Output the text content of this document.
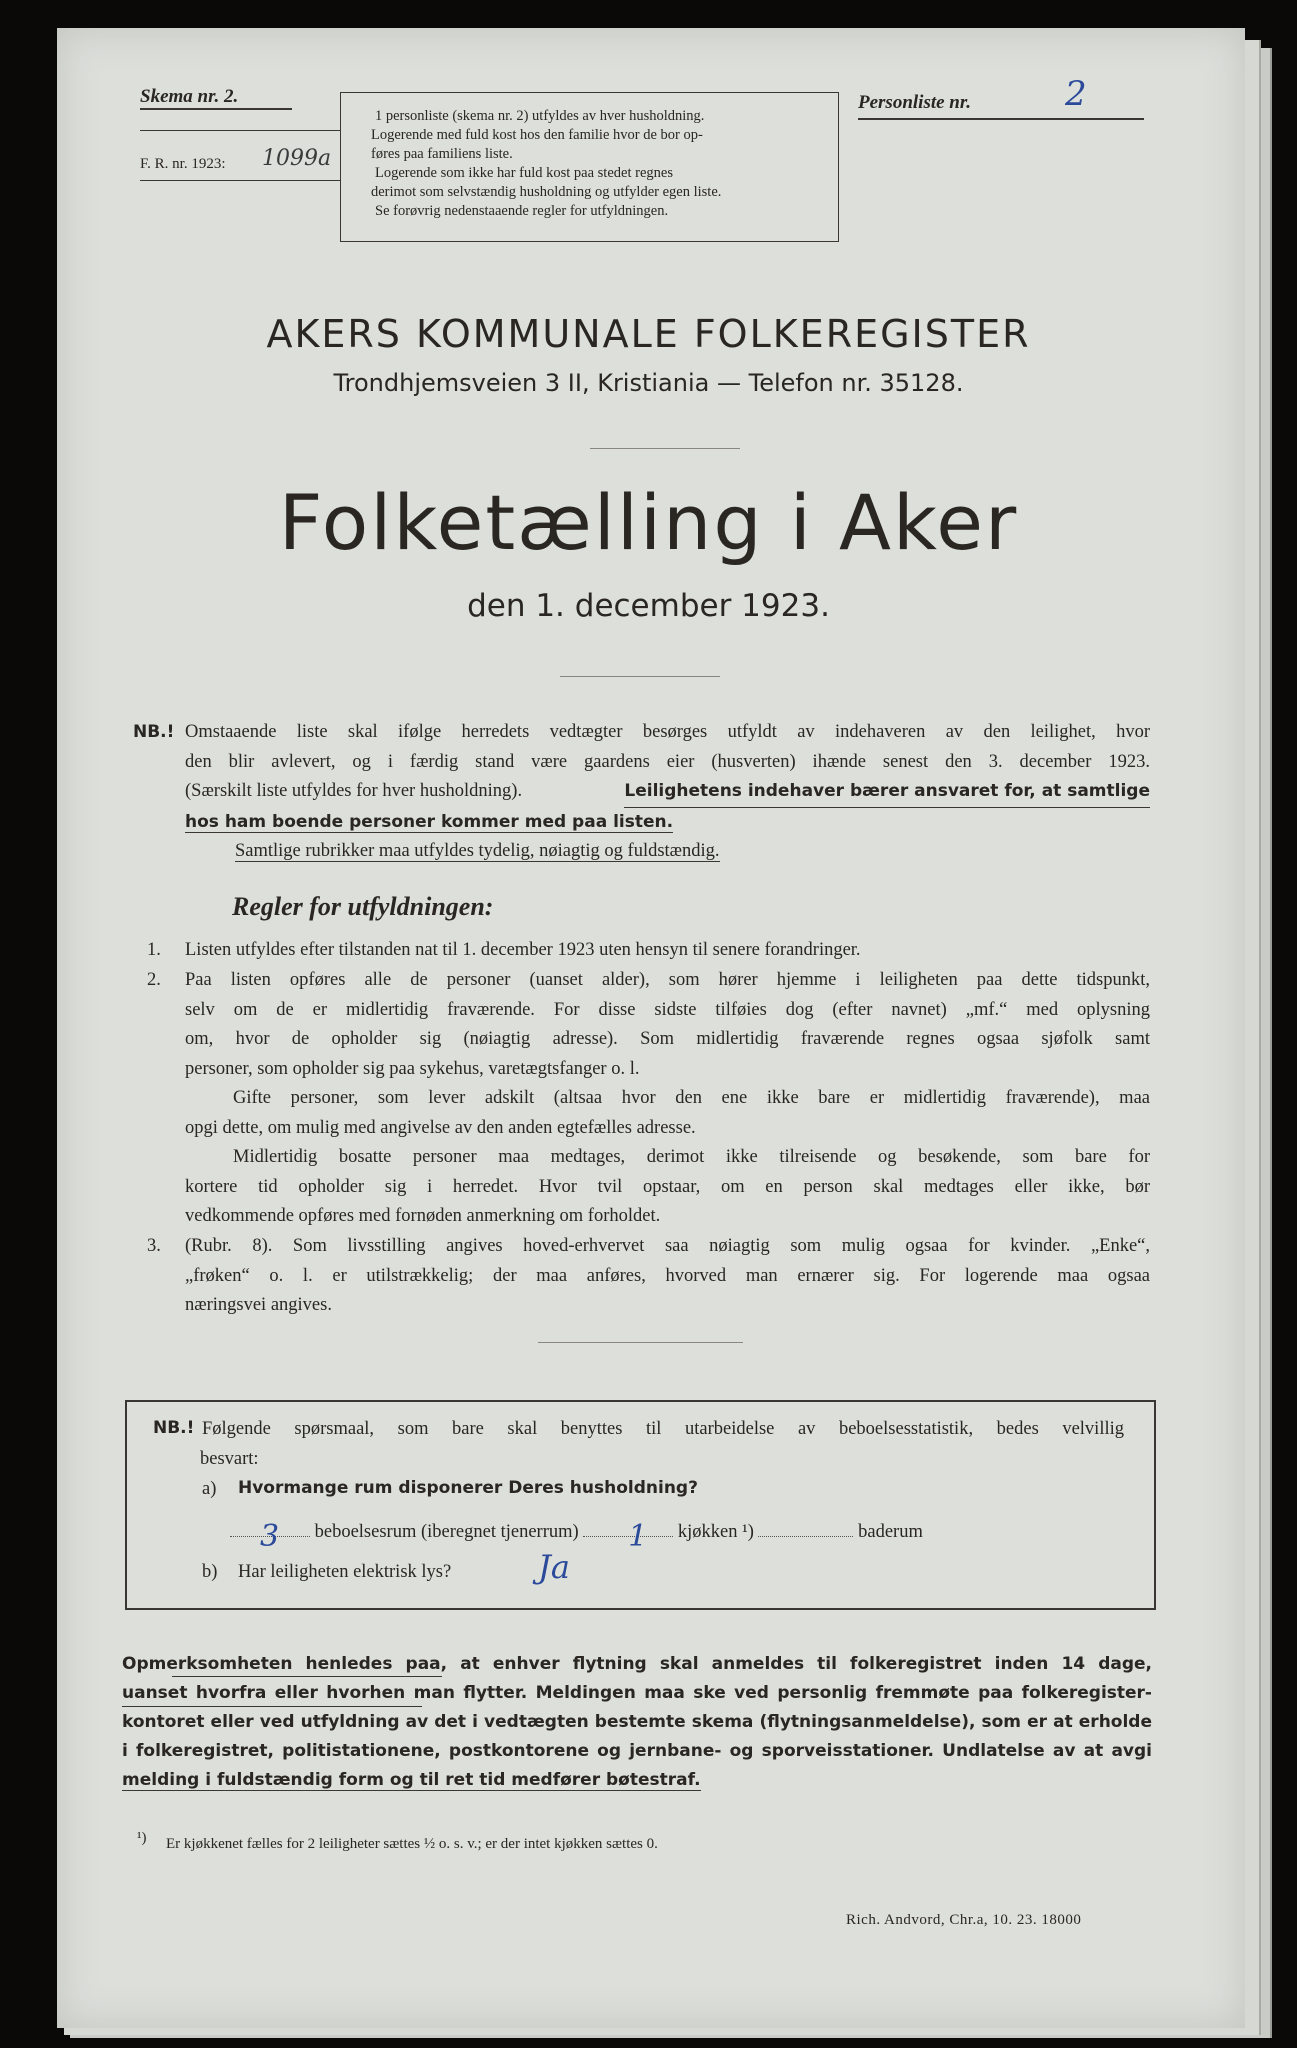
Skema nr. 2.
F. R. nr. 1923: 1099a

1 personliste (skema nr. 2) utfyldes av hver husholdning.

Logerende med fuld kost hos den familie hvor de bor op-

føres paa familiens liste.

Logerende som ikke har fuld kost paa stedet regnes

derimot som selvstændig husholdning og utfylder egen liste.

Se forøvrig nedenstaaende regler for utfyldningen.

Personliste nr.	2
AKERS KOMMUNALE FOLKEREGISTER
Trondhjemsveien 3 II, Kristiania — Telefon nr. 35128.
Folketælling i Aker
den 1. december 1923.
NB.! Omstaaende liste skal ifølge herredets vedtægter besørges utfyldt av indehaveren av den leilighet, hvor
den blir avlevert, og i færdig stand være gaardens eier (husverten) ihænde senest den 3. december 1923.
(Særskilt liste utfyldes for hver husholdning).	Leilighetens indehaver bærer ansvaret for, at samtlige
hos ham boende personer kommer med paa listen.
Samtlige rubrikker maa utfyldes tydelig, nøiagtig og fuldstændig.
Regler for utfyldningen:
1. Listen utfyldes efter tilstanden nat til 1. december 1923 uten hensyn til senere forandringer.
2. Paa listen opføres alle de personer (uanset alder), som hører hjemme i leiligheten paa dette tidspunkt,
selv om de er midlertidig fraværende. For disse sidste tilføies dog (efter navnet) „mf.“ med oplysning
om, hvor de opholder sig (nøiagtig adresse). Som midlertidig fraværende regnes ogsaa sjøfolk samt
personer, som opholder sig paa sykehus, varetægtsfanger o. l.
Gifte personer, som lever adskilt (altsaa hvor den ene ikke bare er midlertidig fraværende), maa
opgi dette, om mulig med angivelse av den anden egtefælles adresse.
Midlertidig bosatte personer maa medtages, derimot ikke tilreisende og besøkende, som bare for
kortere tid opholder sig i herredet. Hvor tvil opstaar, om en person skal medtages eller ikke, bør
vedkommende opføres med fornøden anmerkning om forholdet.
3. (Rubr. 8). Som livsstilling angives hoved-erhvervet saa nøiagtig som mulig ogsaa for kvinder. „Enke“,
„frøken“ o. l. er utilstrækkelig; der maa anføres, hvorved man ernærer sig. For logerende maa ogsaa
næringsvei angives.
NB.! Følgende spørsmaal, som bare skal benyttes til utarbeidelse av beboelsesstatistik, bedes velvillig
besvart:
a) Hvormange rum disponerer Deres husholdning?
3 beboelsesrum (iberegnet tjenerrum) 1 kjøkken ¹)	baderum
b) Har leiligheten elektrisk lys?	Ja
Opmerksomheten henledes paa, at enhver flytning skal anmeldes til folkeregistret inden 14 dage,
uanset hvorfra eller hvorhen man flytter. Meldingen maa ske ved personlig fremmøte paa folkeregister-
kontoret eller ved utfyldning av det i vedtægten bestemte skema (flytningsanmeldelse), som er at erholde
i folkeregistret, politistationene, postkontorene og jernbane- og sporveisstationer. Undlatelse av at avgi
melding i fuldstændig form og til ret tid medfører bøtestraf.
¹) Er kjøkkenet fælles for 2 leiligheter sættes ½ o. s. v.; er der intet kjøkken sættes 0.
Rich. Andvord, Chr.a, 10. 23. 18000
